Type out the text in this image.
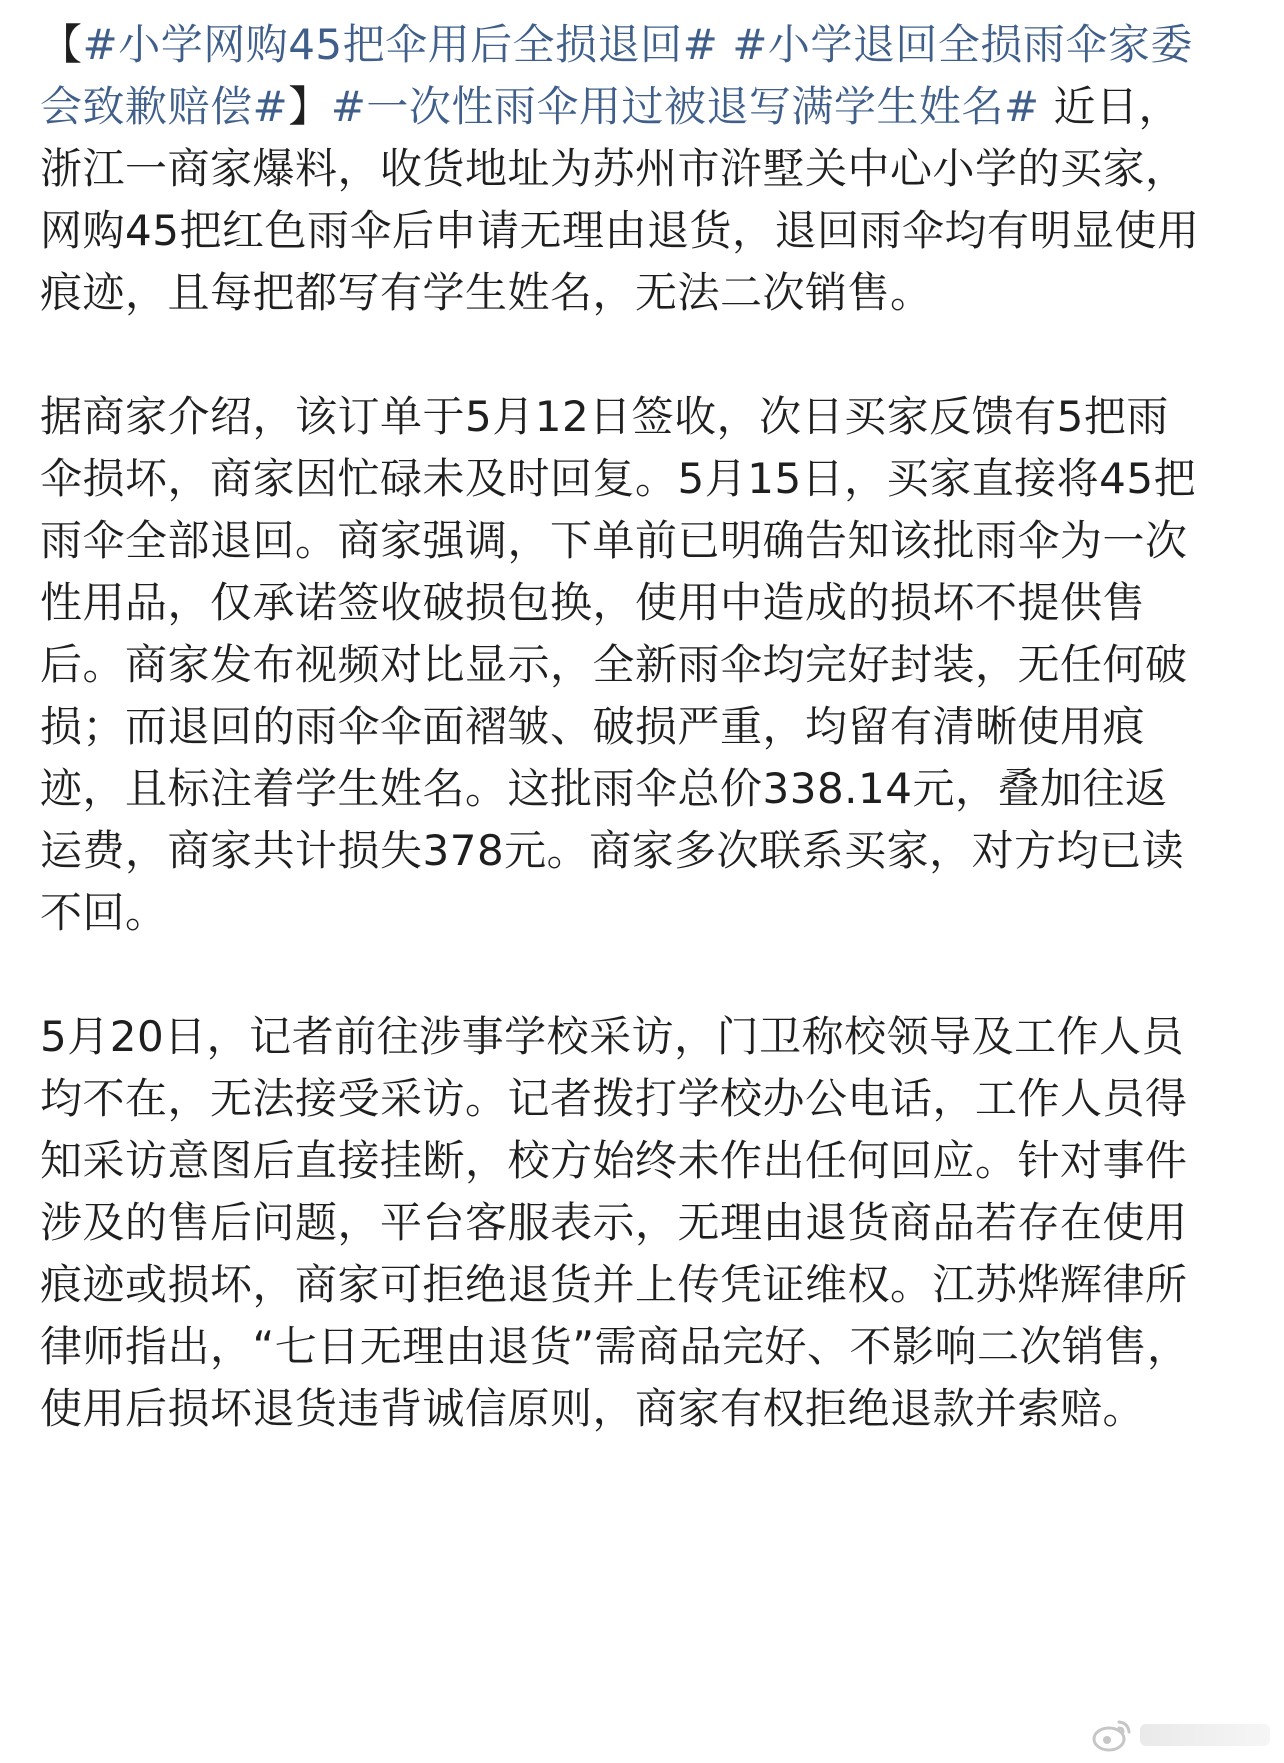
【#小学网购45把伞用后全损退回# #小学退回全损雨伞家委会致歉赔偿#】#一次性雨伞用过被退写满学生姓名# 近日，浙江一商家爆料，收货地址为苏州市浒墅关中心小学的买家，网购45把红色雨伞后申请无理由退货，退回雨伞均有明显使用痕迹，且每把都写有学生姓名，无法二次销售。

据商家介绍，该订单于5月12日签收，次日买家反馈有5把雨伞损坏，商家因忙碌未及时回复。5月15日，买家直接将45把雨伞全部退回。商家强调，下单前已明确告知该批雨伞为一次性用品，仅承诺签收破损包换，使用中造成的损坏不提供售后。商家发布视频对比显示，全新雨伞均完好封装，无任何破损；而退回的雨伞伞面褶皱、破损严重，均留有清晰使用痕迹，且标注着学生姓名。这批雨伞总价338.14元，叠加往返运费，商家共计损失378元。商家多次联系买家，对方均已读不回。

5月20日，记者前往涉事学校采访，门卫称校领导及工作人员均不在，无法接受采访。记者拨打学校办公电话，工作人员得知采访意图后直接挂断，校方始终未作出任何回应。针对事件涉及的售后问题，平台客服表示，无理由退货商品若存在使用痕迹或损坏，商家可拒绝退货并上传凭证维权。江苏烨辉律所律师指出，“七日无理由退货”需商品完好、不影响二次销售，使用后损坏退货违背诚信原则，商家有权拒绝退款并索赔。
